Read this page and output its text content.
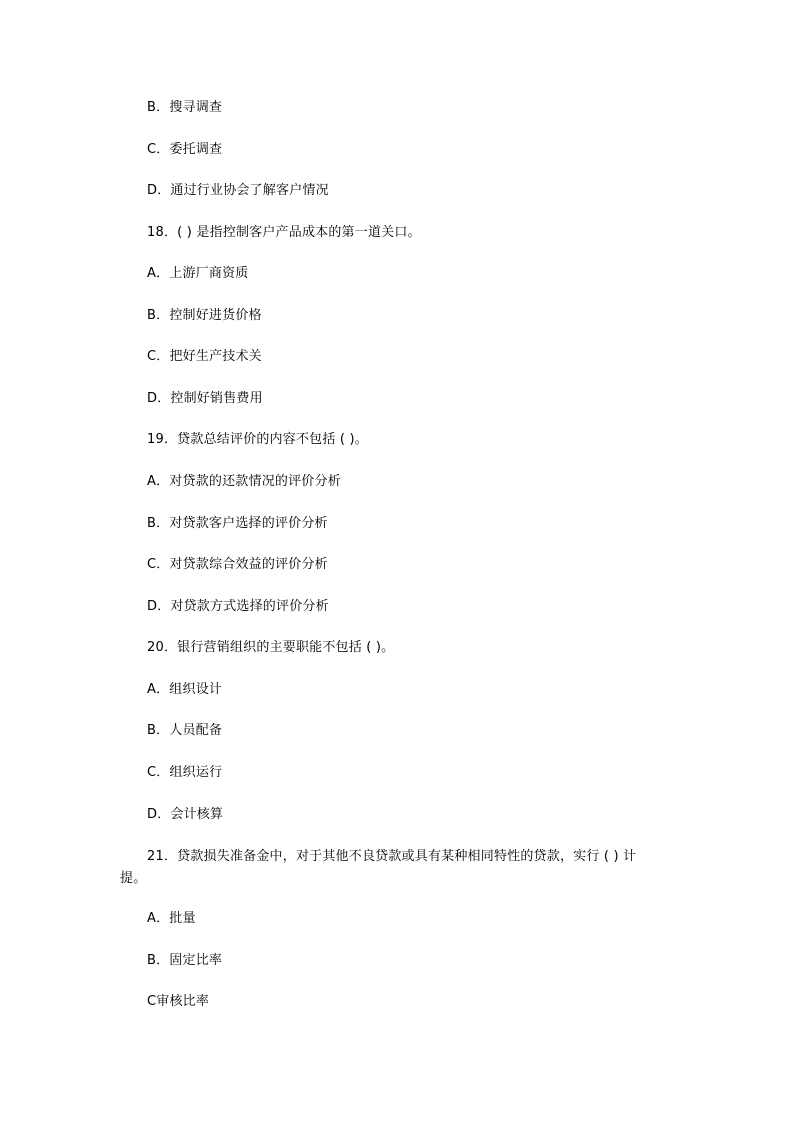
B．搜寻调查
C．委托调查
D．通过行业协会了解客户情况
18．( ) 是指控制客户产品成本的第一道关口。
A．上游厂商资质
B．控制好进货价格
C．把好生产技术关
D．控制好销售费用
19．贷款总结评价的内容不包括 ( )。
A．对贷款的还款情况的评价分析
B．对贷款客户选择的评价分析
C．对贷款综合效益的评价分析
D．对贷款方式选择的评价分析
20．银行营销组织的主要职能不包括 ( )。
A．组织设计
B．人员配备
C．组织运行
D．会计核算
21．贷款损失准备金中，对于其他不良贷款或具有某种相同特性的贷款，实行 ( ) 计提。
A．批量
B．固定比率
C审核比率
